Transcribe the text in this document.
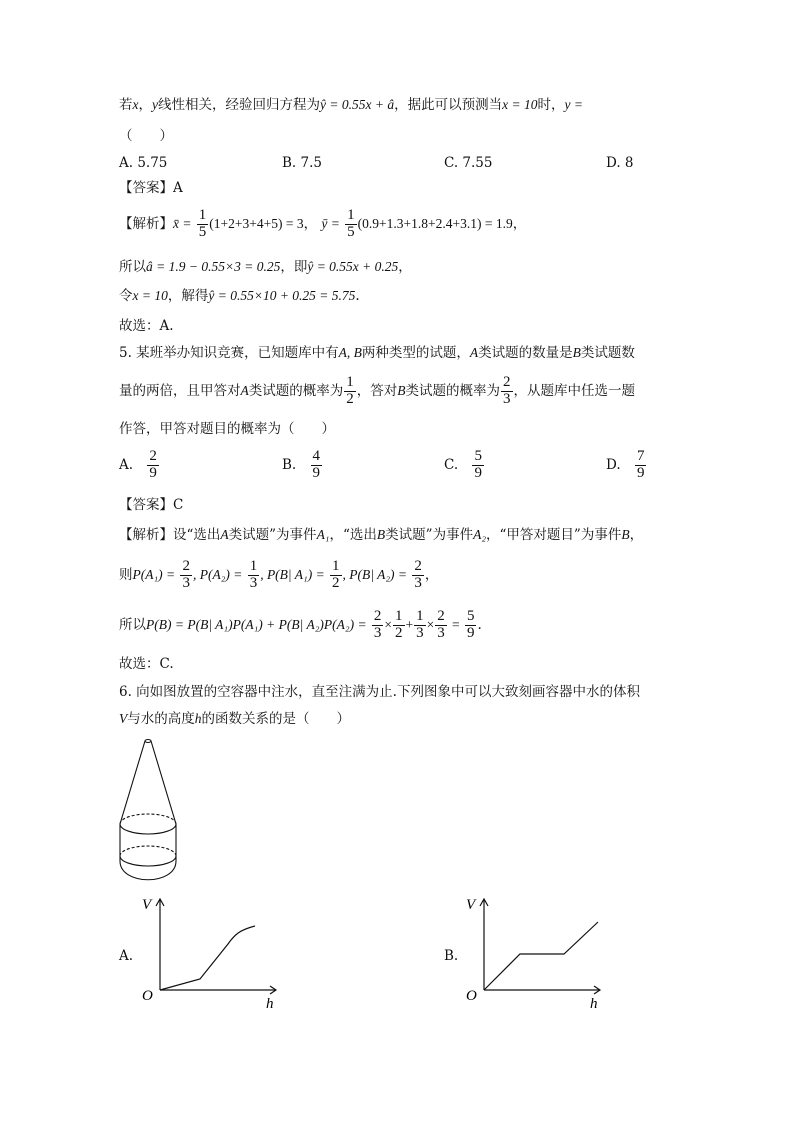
若x，y线性相关，经验回归方程为ŷ = 0.55x + â，据此可以预测当x = 10时，y =
（　　）
A. 5.75	B. 7.5	C. 7.55	D. 8
【答案】A
【解析】x̄ = $\frac{1}{5} (1+2+3+4+5) = 3$， ȳ = $\frac{1}{5} (0.9+1.3+1.8+2.4+3.1) = 1.9$，
所以â = 1.9 − 0.55×3 = 0.25，即ŷ = 0.55x + 0.25，
令x = 10，解得ŷ = 0.55×10 + 0.25 = 5.75.
故选：A.
5. 某班举办知识竞赛，已知题库中有A, B两种类型的试题，A类试题的数量是B类试题数
量的两倍，且甲答对A类试题的概率为 $\frac{1}{2}$ ，答对B类试题的概率为 $\frac{2}{3}$ ，从题库中任选一题
作答，甲答对题目的概率为（　　）
A. $\frac{2}{9}$	B. $\frac{4}{9}$	C. $\frac{5}{9}$	D. $\frac{7}{9}$
【答案】C
【解析】设“选出A类试题”为事件A₁，“选出B类试题”为事件A₂，“甲答对题目”为事件B，
则$P(A_1) = \frac{2}{3}$ , $P(A_2) = \frac{1}{3}$ , P(B| $A_1) = \frac{1}{2}$ , P(B| $A_2) = \frac{2}{3}$ ，
所以P(B) = P(B| A₁)P(A₁) + P(B| $A_2)P(A_2) = \frac{2}{3} \times \frac{1}{2} + \frac{1}{3} \times \frac{2}{3} = \frac{5}{9}$ .
故选：C.
6. 向如图放置的空容器中注水，直至注满为止.下列图象中可以大致刻画容器中水的体积
V与水的高度h的函数关系的是（　　）
A.
V
O	h
B.
V
O	h
